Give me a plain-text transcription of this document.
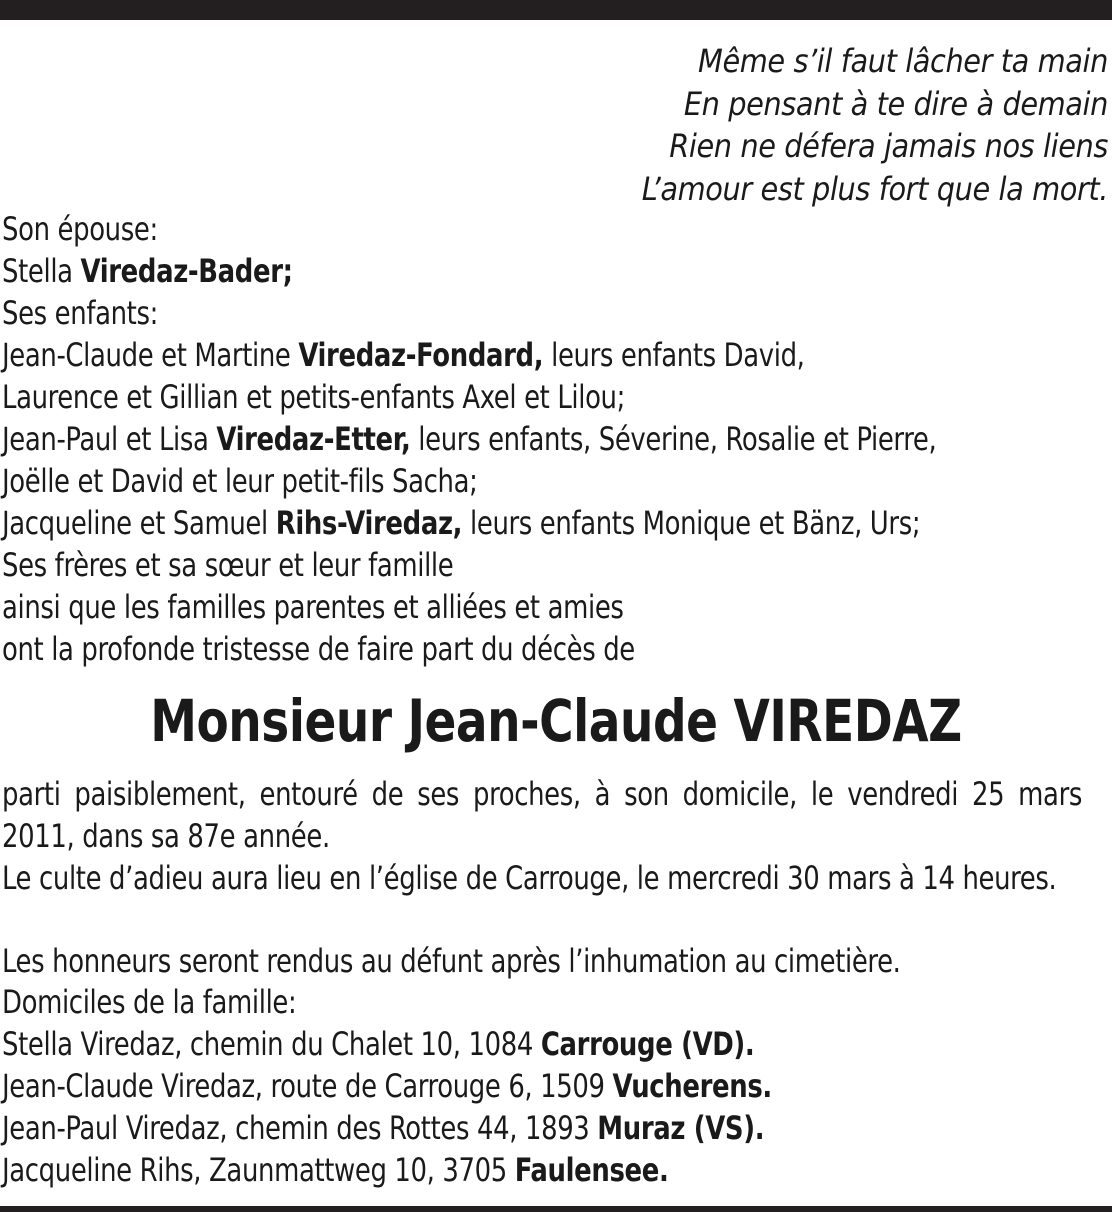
Même s’il faut lâcher ta main
En pensant à te dire à demain
Rien ne défera jamais nos liens
L’amour est plus fort que la mort.
Son épouse:
Stella Viredaz-Bader;
Ses enfants:
Jean-Claude et Martine Viredaz-Fondard, leurs enfants David,
Laurence et Gillian et petits-enfants Axel et Lilou;
Jean-Paul et Lisa Viredaz-Etter, leurs enfants, Séverine, Rosalie et Pierre,
Joëlle et David et leur petit-fils Sacha;
Jacqueline et Samuel Rihs-Viredaz, leurs enfants Monique et Bänz, Urs;
Ses frères et sa sœur et leur famille
ainsi que les familles parentes et alliées et amies
ont la profonde tristesse de faire part du décès de
Monsieur Jean-Claude VIREDAZ
parti paisiblement, entouré de ses proches, à son domicile, le vendredi 25 mars 2011, dans sa 87e année.
Le culte d’adieu aura lieu en l’église de Carrouge, le mercredi 30 mars à 14 heures.
Les honneurs seront rendus au défunt après l’inhumation au cimetière.
Domiciles de la famille:
Stella Viredaz, chemin du Chalet 10, 1084 Carrouge (VD).
Jean-Claude Viredaz, route de Carrouge 6, 1509 Vucherens.
Jean-Paul Viredaz, chemin des Rottes 44, 1893 Muraz (VS).
Jacqueline Rihs, Zaunmattweg 10, 3705 Faulensee.
